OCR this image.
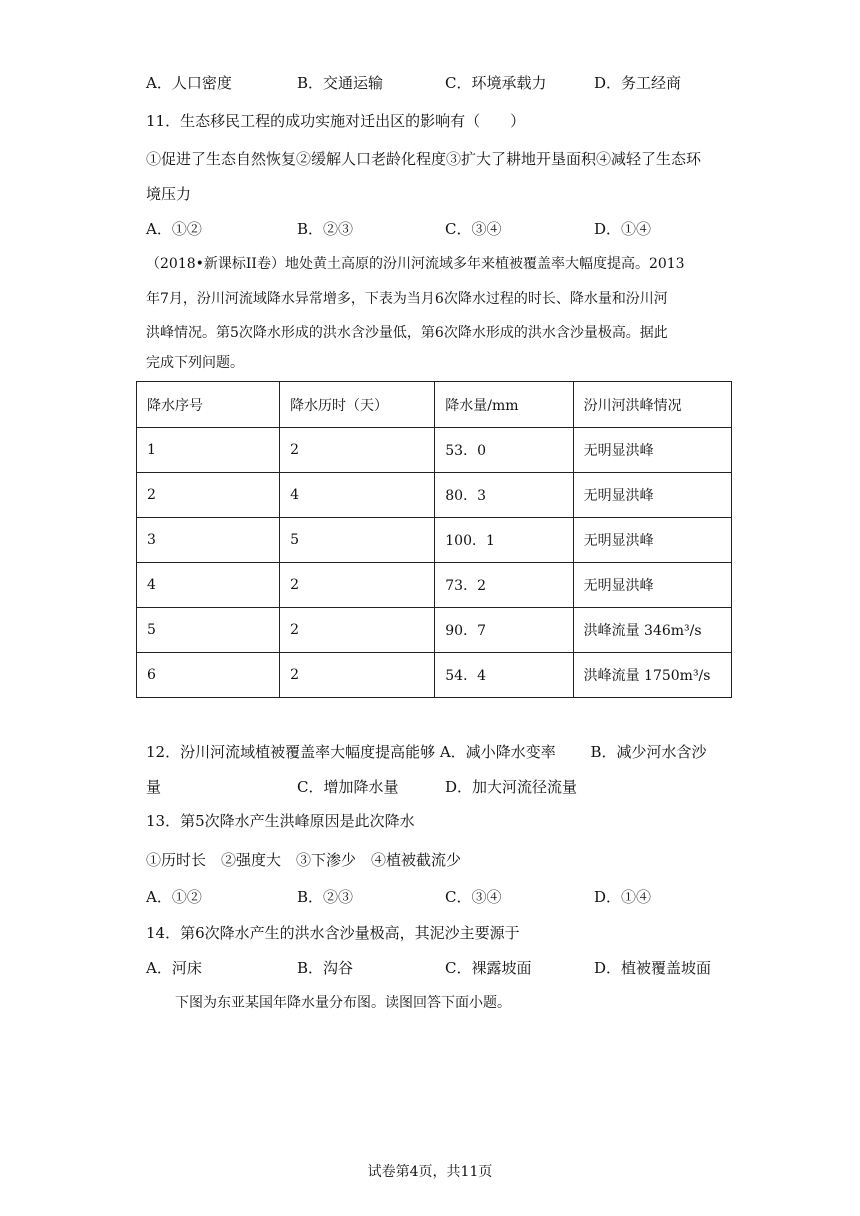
A．人口密度	B．交通运输	C．环境承载力	D．务工经商
11．生态移民工程的成功实施对迁出区的影响有（　　）
①促进了生态自然恢复②缓解人口老龄化程度③扩大了耕地开垦面积④减轻了生态环
境压力
A．①②	B．②③	C．③④	D．①④
（2018•新课标II卷）地处黄土高原的汾川河流域多年来植被覆盖率大幅度提高。2013
年7月，汾川河流域降水异常增多，下表为当月6次降水过程的时长、降水量和汾川河
洪峰情况。第5次降水形成的洪水含沙量低，第6次降水形成的洪水含沙量极高。据此
完成下列问题。
降水序号	降水历时（天）	降水量/mm	汾川河洪峰情况
1	2	53．0	无明显洪峰
2	4	80．3	无明显洪峰
3	5	100．1	无明显洪峰
4	2	73．2	无明显洪峰
5	2	90．7	洪峰流量 346m³/s
6	2	54．4	洪峰流量 1750m³/s
12．汾川河流域植被覆盖率大幅度提高能够 A．减小降水变率　　 B．减少河水含沙
量	C．增加降水量	D．加大河流径流量
13．第5次降水产生洪峰原因是此次降水
①历时长　②强度大　③下渗少　④植被截流少
A．①②	B．②③	C．③④	D．①④
14．第6次降水产生的洪水含沙量极高，其泥沙主要源于
A．河床	B．沟谷	C．裸露坡面	D．植被覆盖坡面
下图为东亚某国年降水量分布图。读图回答下面小题。
试卷第4页，共11页
